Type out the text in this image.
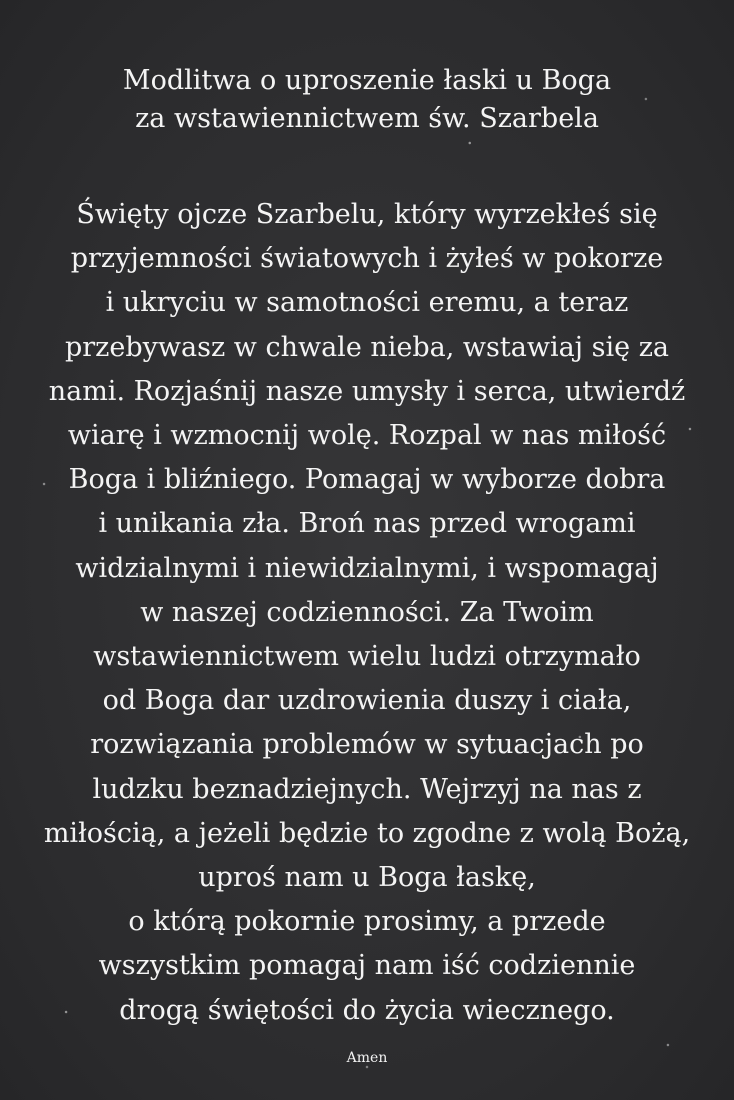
Modlitwa o uproszenie łaski u Boga
za wstawiennictwem św. Szarbela
Święty ojcze Szarbelu, który wyrzekłeś się
przyjemności światowych i żyłeś w pokorze
i ukryciu w samotności eremu, a teraz
przebywasz w chwale nieba, wstawiaj się za
nami. Rozjaśnij nasze umysły i serca, utwierdź
wiarę i wzmocnij wolę. Rozpal w nas miłość
Boga i bliźniego. Pomagaj w wyborze dobra
i unikania zła. Broń nas przed wrogami
widzialnymi i niewidzialnymi, i wspomagaj
w naszej codzienności. Za Twoim
wstawiennictwem wielu ludzi otrzymało
od Boga dar uzdrowienia duszy i ciała,
rozwiązania problemów w sytuacjach po
ludzku beznadziejnych. Wejrzyj na nas z
miłością, a jeżeli będzie to zgodne z wolą Bożą,
uproś nam u Boga łaskę,
o którą pokornie prosimy, a przede
wszystkim pomagaj nam iść codziennie
drogą świętości do życia wiecznego.
Amen
